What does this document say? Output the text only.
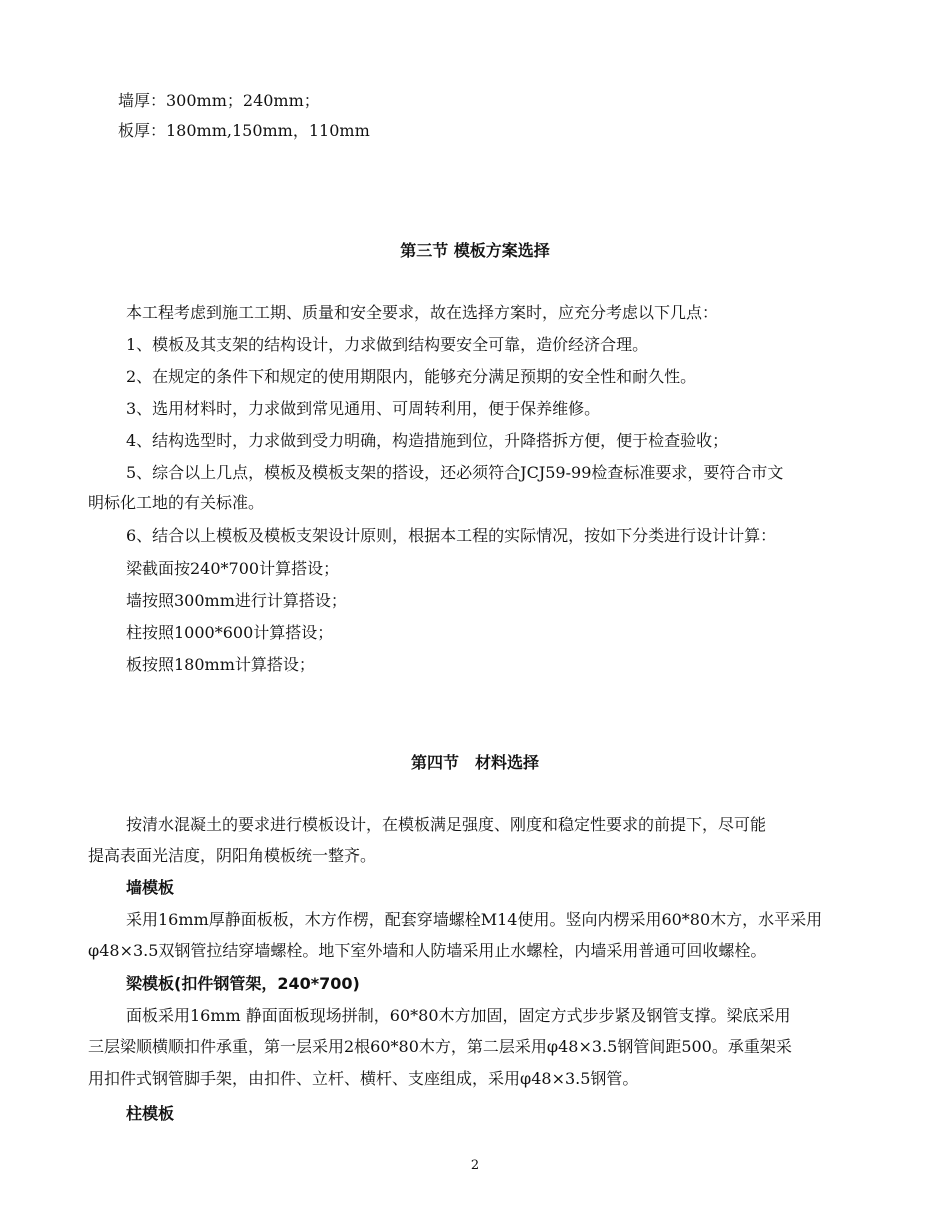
墙厚：300mm；240mm；
板厚：180mm,150mm，110mm
第三节 模板方案选择
本工程考虑到施工工期、质量和安全要求，故在选择方案时，应充分考虑以下几点：
1、模板及其支架的结构设计，力求做到结构要安全可靠，造价经济合理。
2、在规定的条件下和规定的使用期限内，能够充分满足预期的安全性和耐久性。
3、选用材料时，力求做到常见通用、可周转利用，便于保养维修。
4、结构选型时，力求做到受力明确，构造措施到位，升降搭拆方便，便于检查验收；
5、综合以上几点，模板及模板支架的搭设，还必须符合JCJ59-99检查标准要求，要符合市文
明标化工地的有关标准。
6、结合以上模板及模板支架设计原则，根据本工程的实际情况，按如下分类进行设计计算：
梁截面按240*700计算搭设；
墙按照300mm进行计算搭设；
柱按照1000*600计算搭设；
板按照180mm计算搭设；
第四节　材料选择
按清水混凝土的要求进行模板设计，在模板满足强度、刚度和稳定性要求的前提下，尽可能
提高表面光洁度，阴阳角模板统一整齐。
墙模板
采用16mm厚静面板板，木方作楞，配套穿墙螺栓M14使用。竖向内楞采用60*80木方，水平采用
φ48×3.5双钢管拉结穿墙螺栓。地下室外墙和人防墙采用止水螺栓，内墙采用普通可回收螺栓。
梁模板(扣件钢管架，240*700)
面板采用16mm 静面面板现场拼制，60*80木方加固，固定方式步步紧及钢管支撑。梁底采用
三层梁顺横顺扣件承重，第一层采用2根60*80木方，第二层采用φ48×3.5钢管间距500。承重架采
用扣件式钢管脚手架，由扣件、立杆、横杆、支座组成，采用φ48×3.5钢管。
柱模板
2
